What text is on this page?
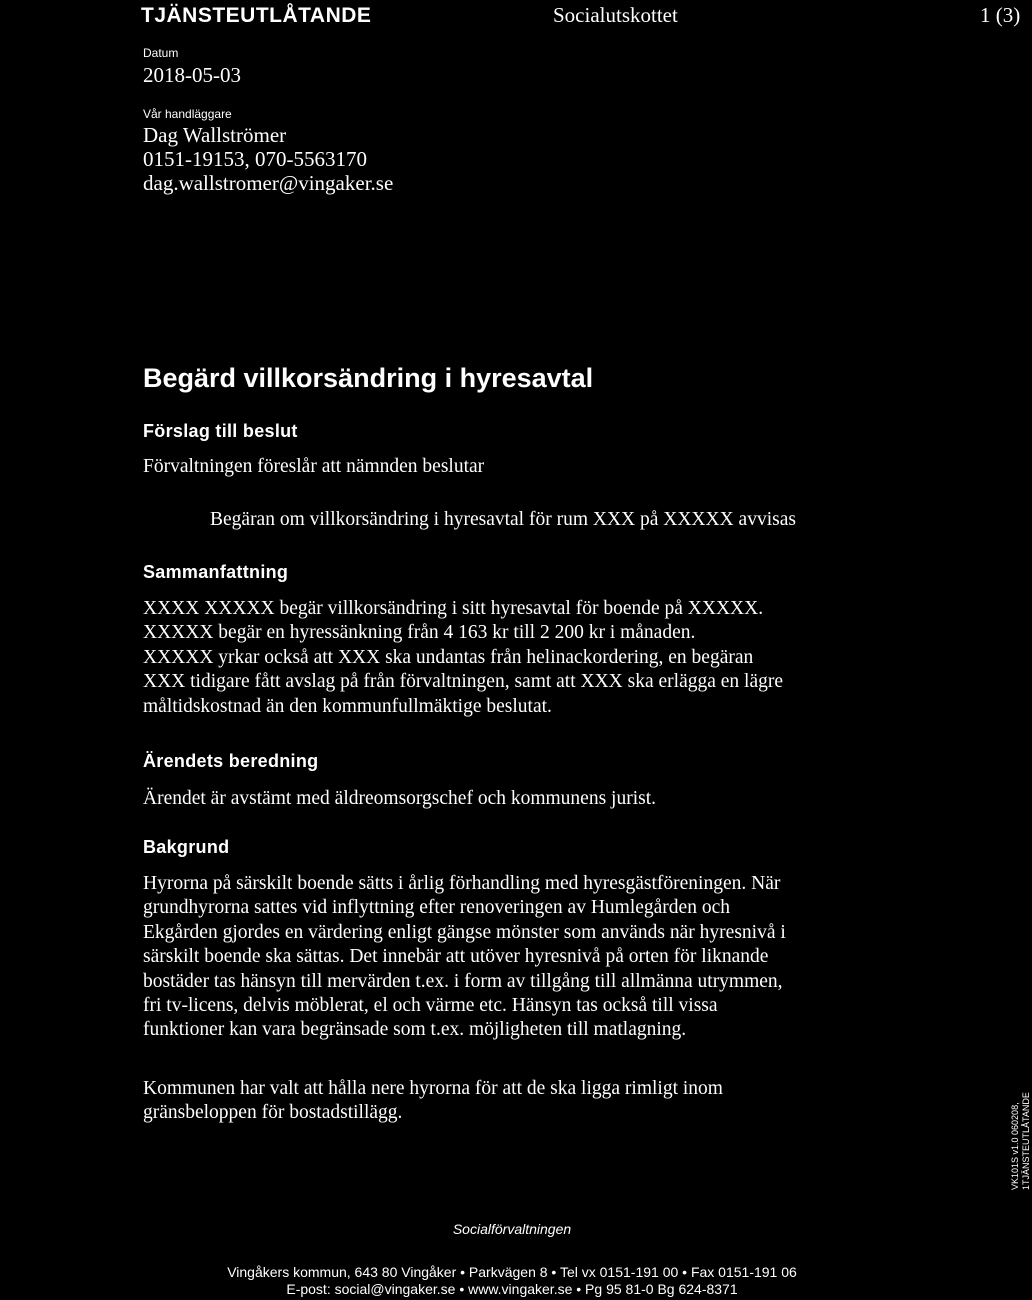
TJÄNSTEUTLÅTANDE	Socialutskottet	1 (3)
Datum
2018-05-03
Vår handläggare
Dag Wallströmer
0151-19153, 070-5563170
dag.wallstromer@vingaker.se
Begärd villkorsändring i hyresavtal
Förslag till beslut
Förvaltningen föreslår att nämnden beslutar
Begäran om villkorsändring i hyresavtal för rum XXX på XXXXX avvisas
Sammanfattning
XXXX XXXXX begär villkorsändring i sitt hyresavtal för boende på XXXXX.
XXXXX begär en hyressänkning från 4 163 kr till 2 200 kr i månaden.
XXXXX yrkar också att XXX ska undantas från helinackordering, en begäran
XXX tidigare fått avslag på från förvaltningen, samt att XXX ska erlägga en lägre
måltidskostnad än den kommunfullmäktige beslutat.
Ärendets beredning
Ärendet är avstämt med äldreomsorgschef och kommunens jurist.
Bakgrund
Hyrorna på särskilt boende sätts i årlig förhandling med hyresgästföreningen. När
grundhyrorna sattes vid inflyttning efter renoveringen av Humlegården och
Ekgården gjordes en värdering enligt gängse mönster som används när hyresnivå i
särskilt boende ska sättas. Det innebär att utöver hyresnivå på orten för liknande
bostäder tas hänsyn till mervärden t.ex. i form av tillgång till allmänna utrymmen,
fri tv-licens, delvis möblerat, el och värme etc. Hänsyn tas också till vissa
funktioner kan vara begränsade som t.ex. möjligheten till matlagning.
Kommunen har valt att hålla nere hyrorna för att de ska ligga rimligt inom
gränsbeloppen för bostadstillägg.	VK101S v1.0 060208, 1TJÄNSTEUTLÅTANDE
Socialförvaltningen
Vingåkers kommun, 643 80 Vingåker • Parkvägen 8 • Tel vx 0151-191 00 • Fax 0151-191 06
E-post: social@vingaker.se • www.vingaker.se • Pg 95 81-0 Bg 624-8371
